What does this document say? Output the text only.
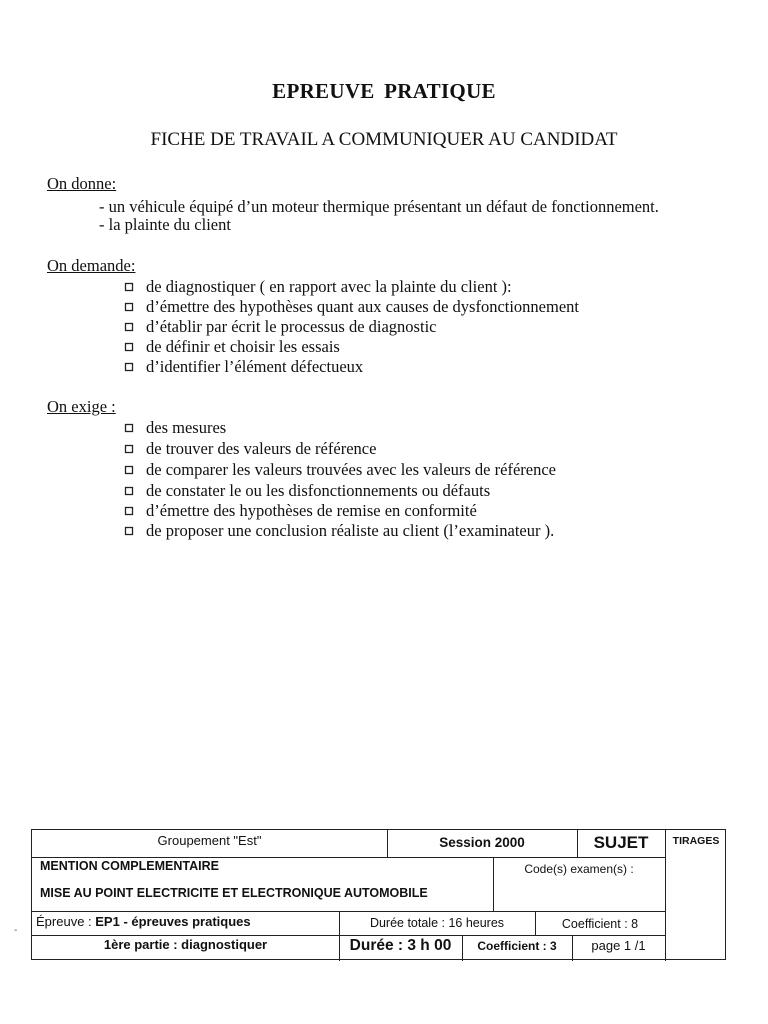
EPREUVE PRATIQUE
FICHE DE TRAVAIL A COMMUNIQUER AU CANDIDAT
On donne:
- un véhicule équipé d’un moteur thermique présentant un défaut de fonctionnement.
- la plainte du client
On demande:
de diagnostiquer ( en rapport avec la plainte du client ):
d’émettre des hypothèses quant aux causes de dysfonctionnement
d’établir par écrit le processus de diagnostic
de définir et choisir les essais
d’identifier l’élément défectueux
On exige :
des mesures
de trouver des valeurs de référence
de comparer les valeurs trouvées avec les valeurs de référence
de constater le ou les disfonctionnements ou défauts
d’émettre des hypothèses de remise en conformité
de proposer une conclusion réaliste au client (l’examinateur ).
-
Groupement "Est"	Session 2000	SUJET	TIRAGES
MENTION COMPLEMENTAIRE	Code(s) examen(s) :
MISE AU POINT ELECTRICITE ET ELECTRONIQUE AUTOMOBILE
Épreuve : EP1 - épreuves pratiques	Durée totale : 16 heures	Coefficient : 8
1ère partie : diagnostiquer	Durée : 3 h 00	Coefficient : 3	page 1 /1
